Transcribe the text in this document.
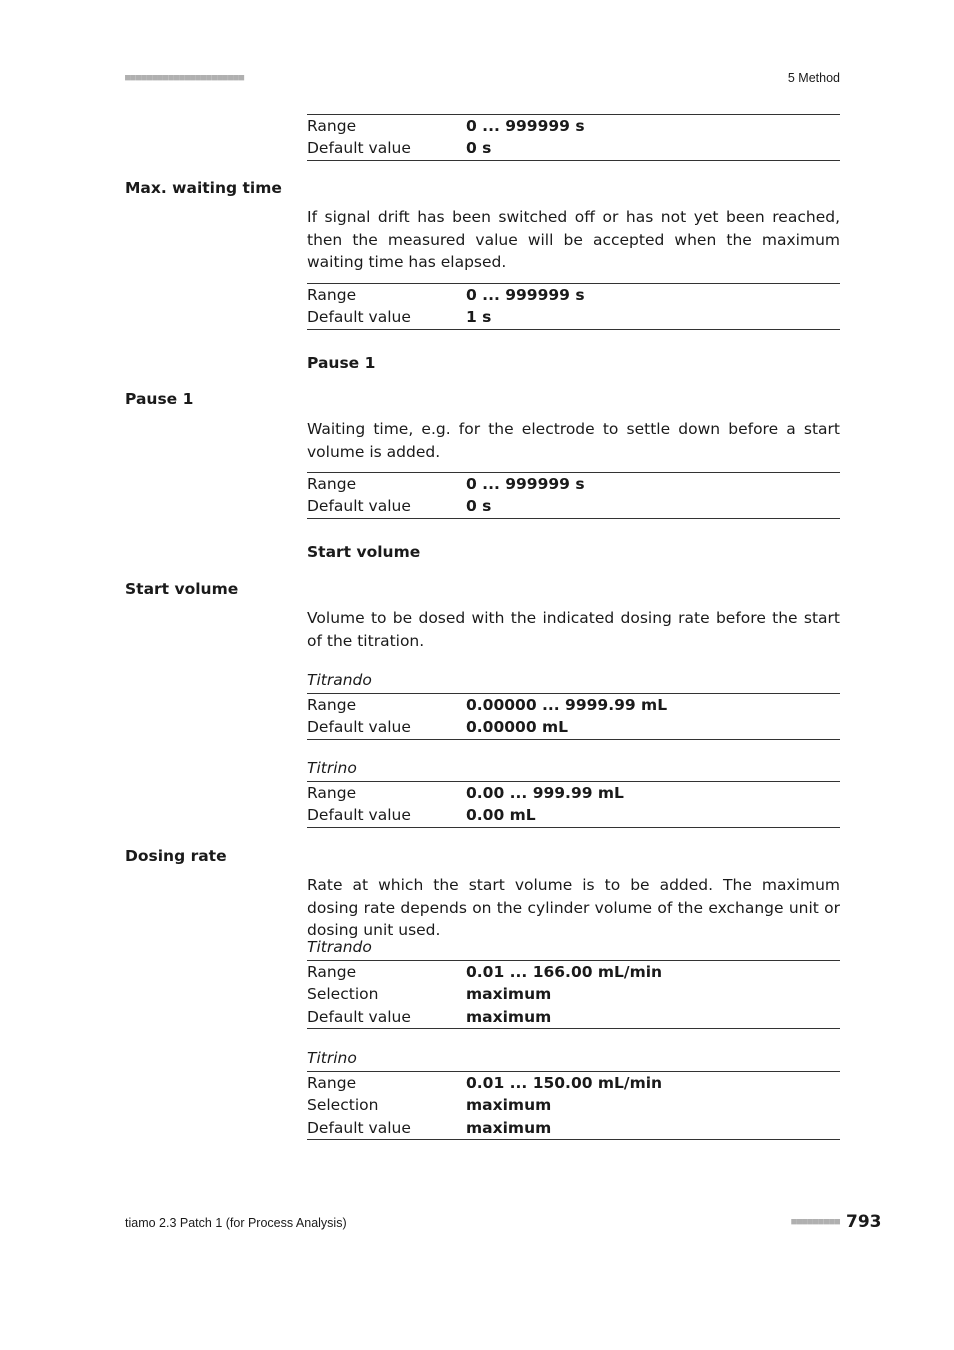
■■■■■■■■■■■■■■■■■■■■■■	5 Method
Range	0 ... 999999 s
Default value	0 s
Max. waiting time
If signal drift has been switched off or has not yet been reached, then the measured value will be accepted when the maximum waiting time has elapsed.
Range	0 ... 999999 s
Default value	1 s
Pause 1
Pause 1
Waiting time, e.g. for the electrode to settle down before a start volume is added.
Range	0 ... 999999 s
Default value	0 s
Start volume
Start volume
Volume to be dosed with the indicated dosing rate before the start of the titration.
Titrando
Range	0.00000 ... 9999.99 mL
Default value	0.00000 mL
Titrino
Range	0.00 ... 999.99 mL
Default value	0.00 mL
Dosing rate
Rate at which the start volume is to be added. The maximum dosing rate depends on the cylinder volume of the exchange unit or dosing unit used.
Titrando
Range	0.01 ... 166.00 mL/min
Selection	maximum
Default value	maximum
Titrino
Range	0.01 ... 150.00 mL/min
Selection	maximum
Default value	maximum
tiamo 2.3 Patch 1 (for Process Analysis)	■■■■■■■■■ 793
